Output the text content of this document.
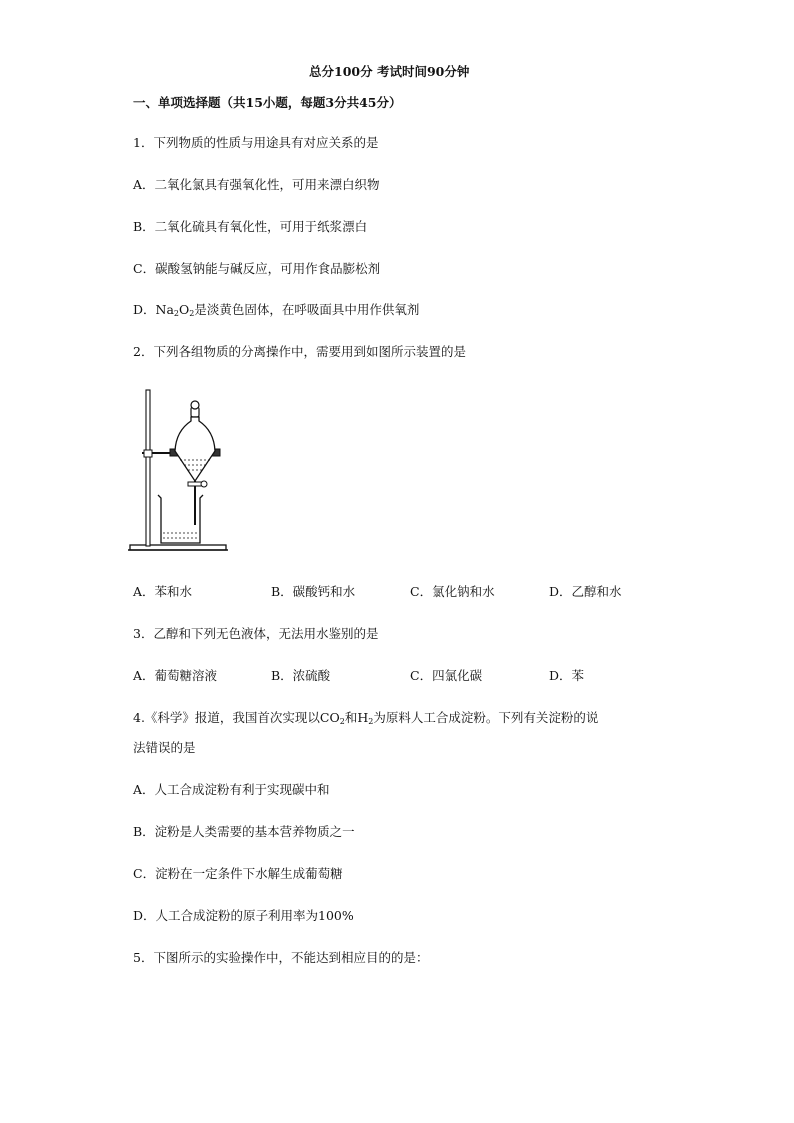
总分100分 考试时间90分钟
一、单项选择题（共15小题，每题3分共45分）
1．下列物质的性质与用途具有对应关系的是
A．二氧化氯具有强氧化性，可用来漂白织物
B．二氧化硫具有氧化性，可用于纸浆漂白
C．碳酸氢钠能与碱反应，可用作食品膨松剂
D．$Na_2O_2$是淡黄色固体，在呼吸面具中用作供氧剂
2．下列各组物质的分离操作中，需要用到如图所示装置的是
A．苯和水	B．碳酸钙和水	C．氯化钠和水	D．乙醇和水
3．乙醇和下列无色液体，无法用水鉴别的是
A．葡萄糖溶液	B．浓硫酸	C．四氯化碳	D．苯
4.《科学》报道，我国首次实现以$CO_2$和$H_2$为原料人工合成淀粉。下列有关淀粉的说
法错误的是
A．人工合成淀粉有利于实现碳中和
B．淀粉是人类需要的基本营养物质之一
C．淀粉在一定条件下水解生成葡萄糖
D．人工合成淀粉的原子利用率为100%
5．下图所示的实验操作中，不能达到相应目的的是：
